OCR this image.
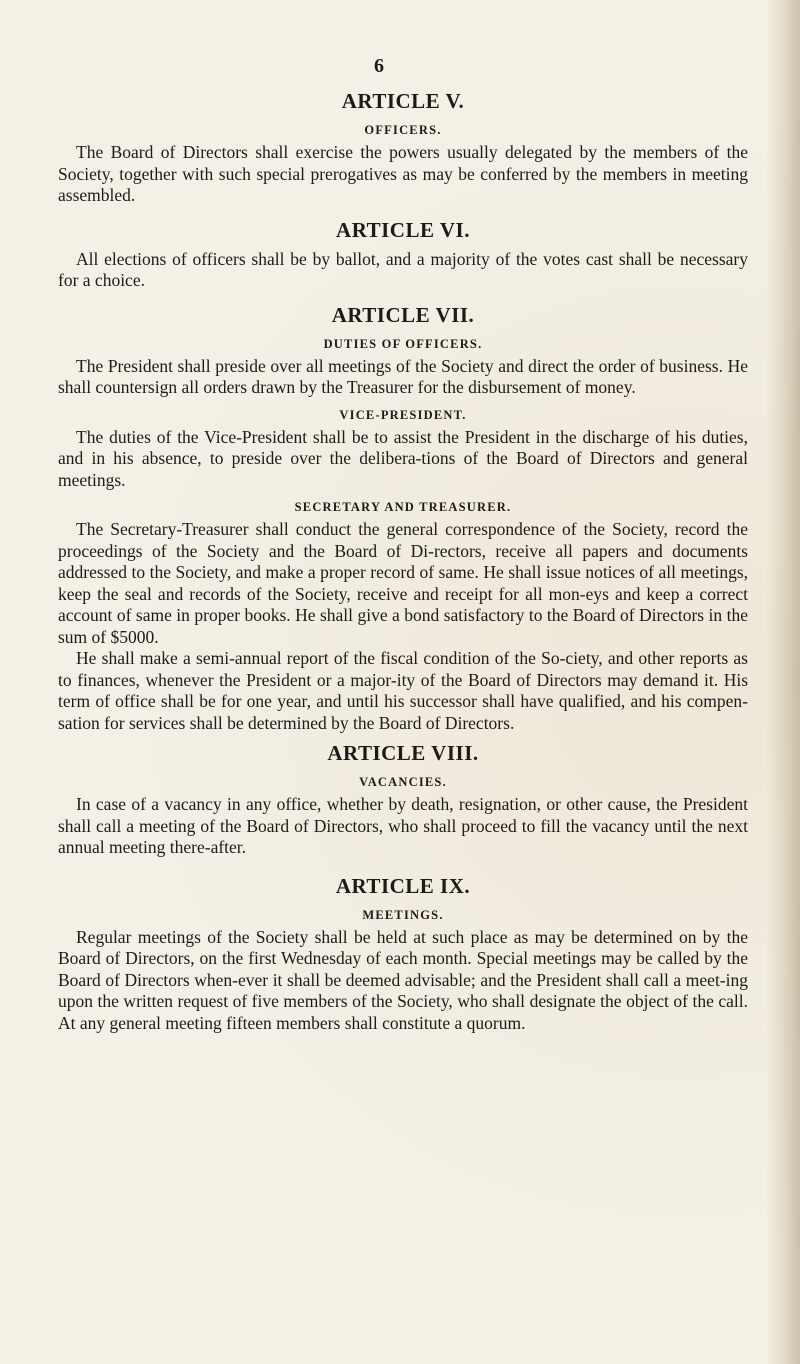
6
ARTICLE V.
OFFICERS.

The Board of Directors shall exercise the powers usually delegated by the members of the Society, together with such special prerogatives as may be conferred by the members in meeting assembled.

ARTICLE VI.

All elections of officers shall be by ballot, and a majority of the votes cast shall be necessary for a choice.

ARTICLE VII.
DUTIES OF OFFICERS.

The President shall preside over all meetings of the Society and direct the order of business. He shall countersign all orders drawn by the Treasurer for the disbursement of money.

VICE-PRESIDENT.

The duties of the Vice-President shall be to assist the President in the discharge of his duties, and in his absence, to preside over the delibera-tions of the Board of Directors and general meetings.

SECRETARY AND TREASURER.

The Secretary-Treasurer shall conduct the general correspondence of the Society, record the proceedings of the Society and the Board of Di-rectors, receive all papers and documents addressed to the Society, and make a proper record of same. He shall issue notices of all meetings, keep the seal and records of the Society, receive and receipt for all mon-eys and keep a correct account of same in proper books. He shall give a bond satisfactory to the Board of Directors in the sum of $5000.

He shall make a semi-annual report of the fiscal condition of the So-ciety, and other reports as to finances, whenever the President or a major-ity of the Board of Directors may demand it. His term of office shall be for one year, and until his successor shall have qualified, and his compen-sation for services shall be determined by the Board of Directors.

ARTICLE VIII.
VACANCIES.

In case of a vacancy in any office, whether by death, resignation, or other cause, the President shall call a meeting of the Board of Directors, who shall proceed to fill the vacancy until the next annual meeting there-after.

ARTICLE IX.
MEETINGS.

Regular meetings of the Society shall be held at such place as may be determined on by the Board of Directors, on the first Wednesday of each month. Special meetings may be called by the Board of Directors when-ever it shall be deemed advisable; and the President shall call a meet-ing upon the written request of five members of the Society, who shall designate the object of the call. At any general meeting fifteen members shall constitute a quorum.
